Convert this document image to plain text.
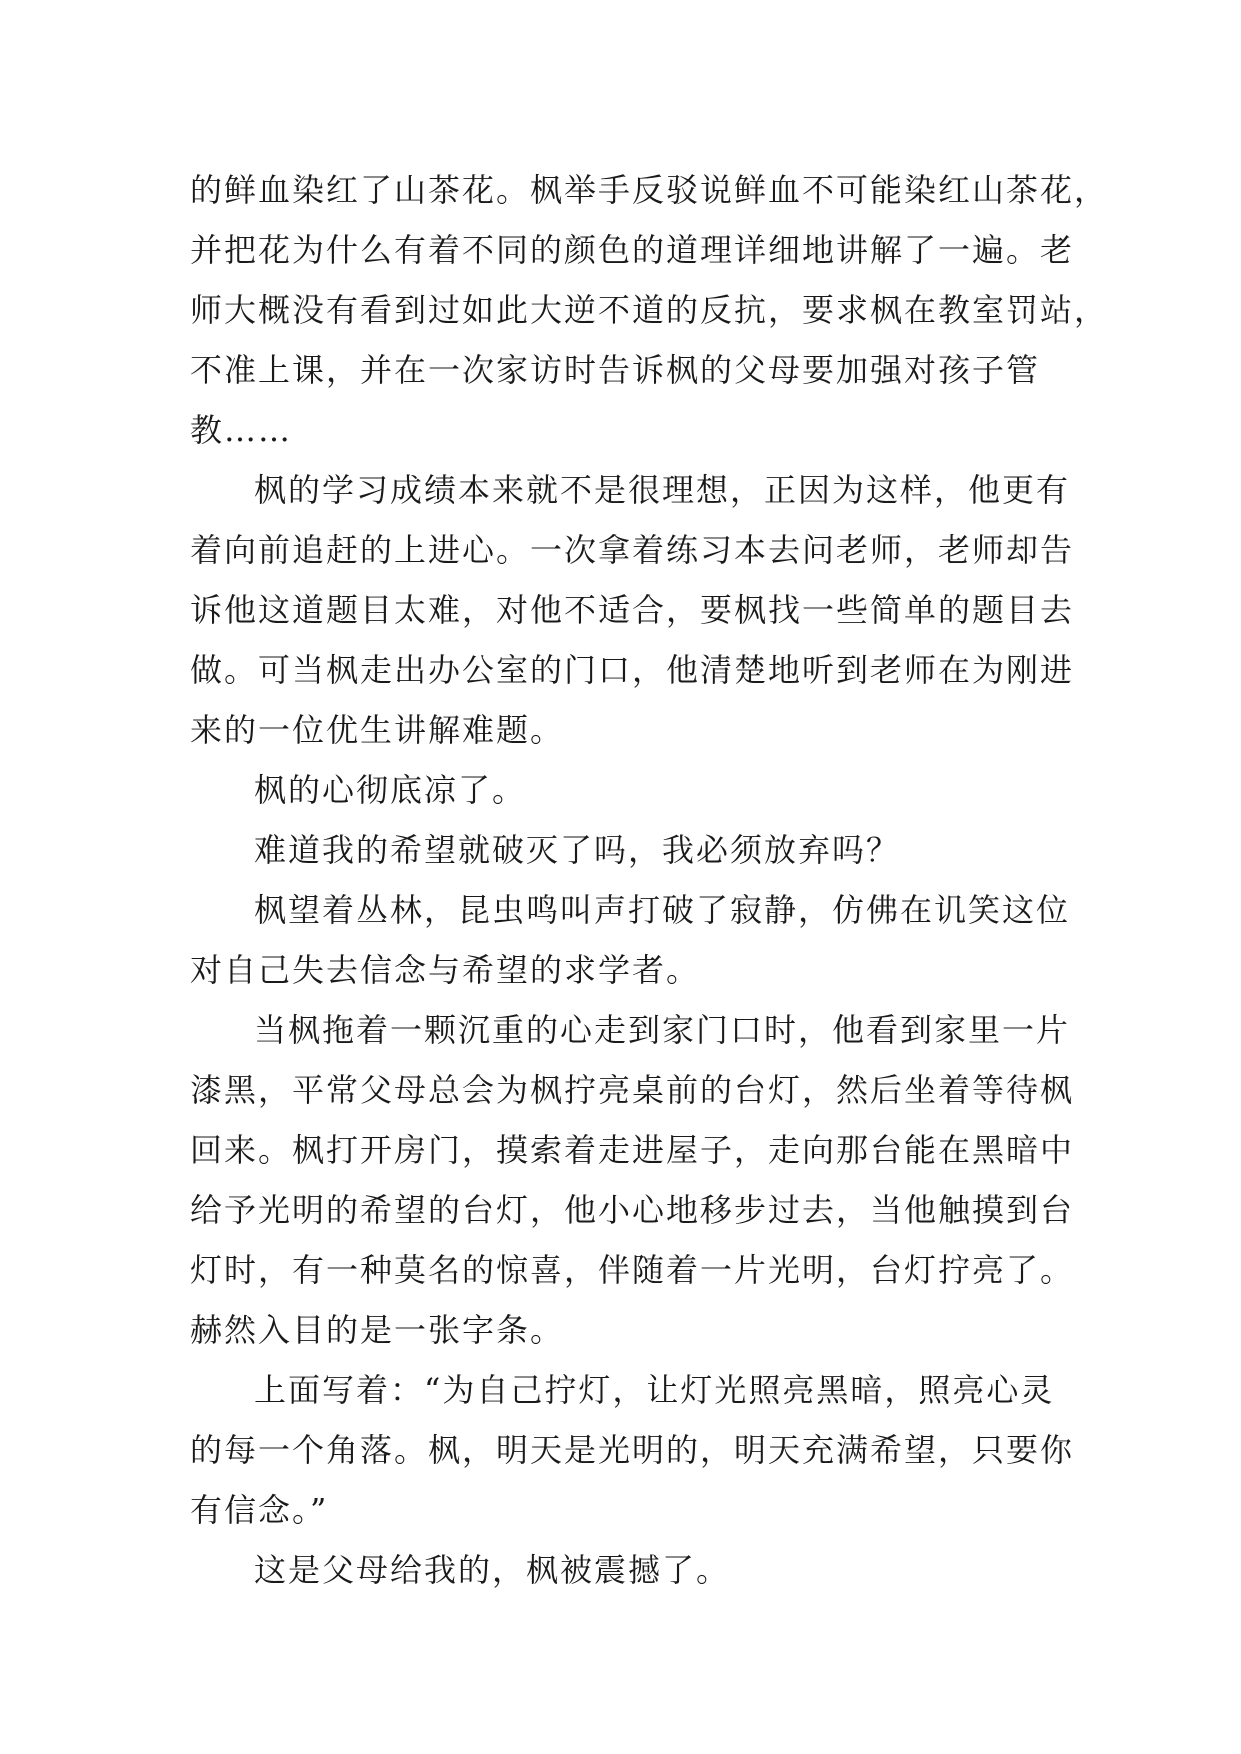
的鲜血染红了山茶花。枫举手反驳说鲜血不可能染红山茶花，
并把花为什么有着不同的颜色的道理详细地讲解了一遍。老
师大概没有看到过如此大逆不道的反抗，要求枫在教室罚站，
不准上课，并在一次家访时告诉枫的父母要加强对孩子管
教……
枫的学习成绩本来就不是很理想，正因为这样，他更有
着向前追赶的上进心。一次拿着练习本去问老师，老师却告
诉他这道题目太难，对他不适合，要枫找一些简单的题目去
做。可当枫走出办公室的门口，他清楚地听到老师在为刚进
来的一位优生讲解难题。
枫的心彻底凉了。
难道我的希望就破灭了吗，我必须放弃吗？
枫望着丛林，昆虫鸣叫声打破了寂静，仿佛在讥笑这位
对自己失去信念与希望的求学者。
当枫拖着一颗沉重的心走到家门口时，他看到家里一片
漆黑，平常父母总会为枫拧亮桌前的台灯，然后坐着等待枫
回来。枫打开房门，摸索着走进屋子，走向那台能在黑暗中
给予光明的希望的台灯，他小心地移步过去，当他触摸到台
灯时，有一种莫名的惊喜，伴随着一片光明，台灯拧亮了。
赫然入目的是一张字条。
上面写着：“为自己拧灯，让灯光照亮黑暗，照亮心灵
的每一个角落。枫，明天是光明的，明天充满希望，只要你
有信念。”
这是父母给我的，枫被震撼了。
